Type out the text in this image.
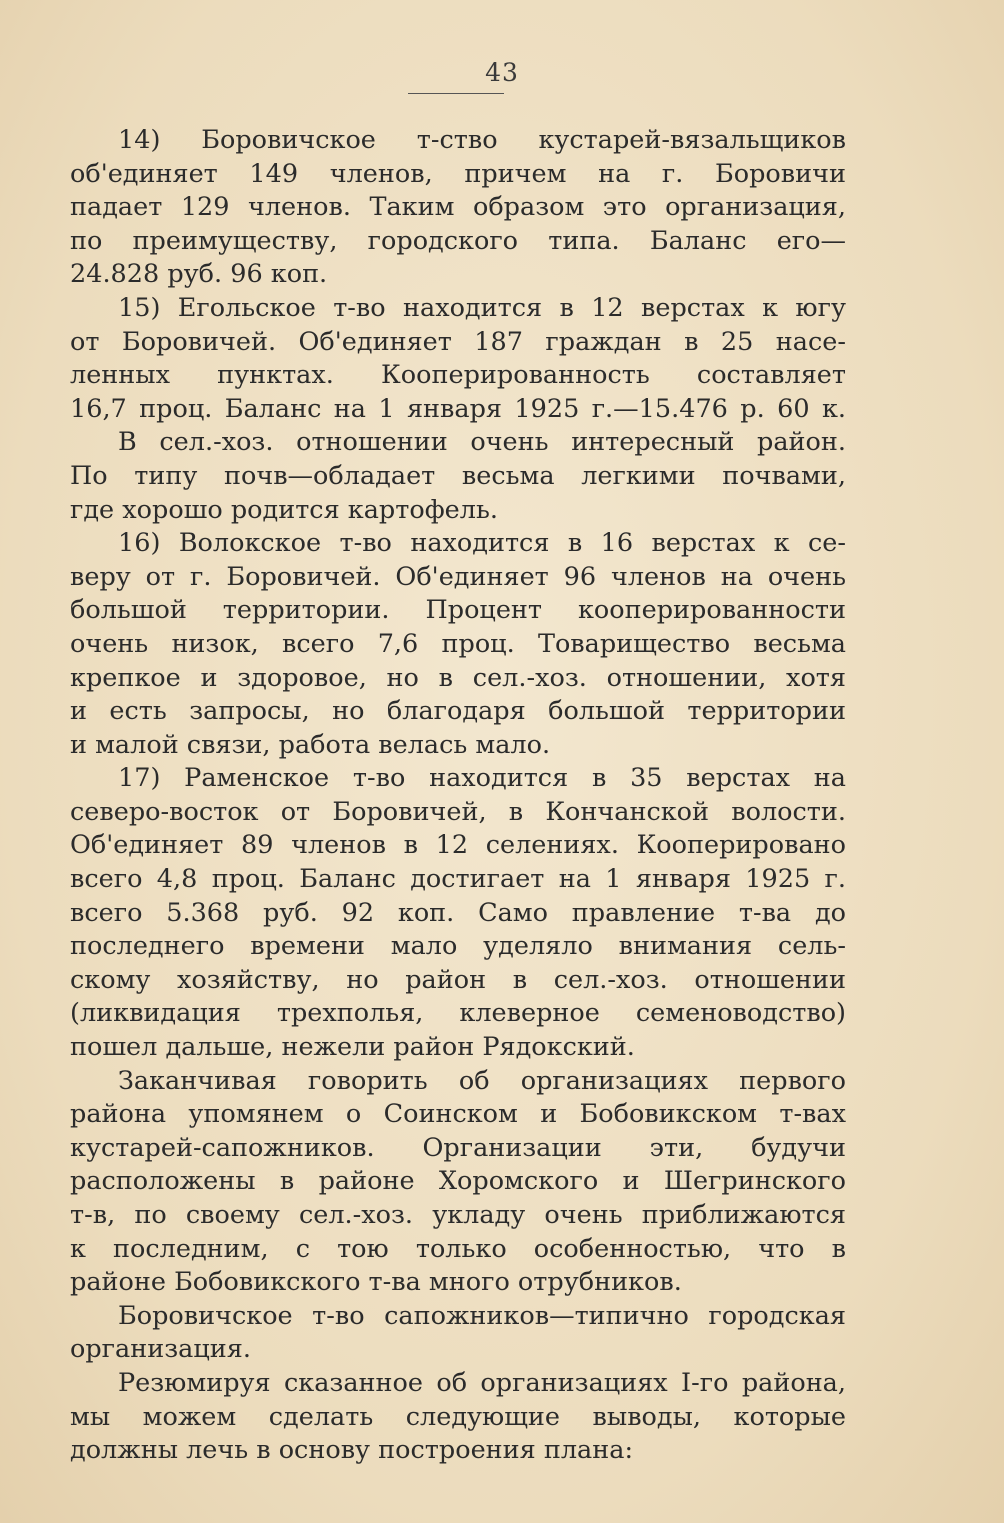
43
14) Боровичское т-ство кустарей-вязальщиков
об'единяет 149 членов, причем на г. Боровичи
падает 129 членов. Таким образом это организация,
по преимуществу, городского типа. Баланс его—
24.828 руб. 96 коп.
15) Егольское т-во находится в 12 верстах к югу
от Боровичей. Об'единяет 187 граждан в 25 насе-
ленных пунктах. Кооперированность составляет
16,7 проц. Баланс на 1 января 1925 г.—15.476 р. 60 к.
В сел.-хоз. отношении очень интересный район.
По типу почв—обладает весьма легкими почвами,
где хорошо родится картофель.
16) Волокское т-во находится в 16 верстах к се-
веру от г. Боровичей. Об'единяет 96 членов на очень
большой территории. Процент кооперированности
очень низок, всего 7,6 проц. Товарищество весьма
крепкое и здоровое, но в сел.-хоз. отношении, хотя
и есть запросы, но благодаря большой территории
и малой связи, работа велась мало.
17) Раменское т-во находится в 35 верстах на
северо-восток от Боровичей, в Кончанской волости.
Об'единяет 89 членов в 12 селениях. Кооперировано
всего 4,8 проц. Баланс достигает на 1 января 1925 г.
всего 5.368 руб. 92 коп. Само правление т-ва до
последнего времени мало уделяло внимания сель-
скому хозяйству, но район в сел.-хоз. отношении
(ликвидация трехполья, клеверное семеноводство)
пошел дальше, нежели район Рядокский.
Заканчивая говорить об организациях первого
района упомянем о Соинском и Бобовикском т-вах
кустарей-сапожников. Организации эти, будучи
расположены в районе Хоромского и Шегринского
т-в, по своему сел.-хоз. укладу очень приближаются
к последним, с тою только особенностью, что в
районе Бобовикского т-ва много отрубников.
Боровичское т-во сапожников—типично городская
организация.
Резюмируя сказанное об организациях I-го района,
мы можем сделать следующие выводы, которые
должны лечь в основу построения плана:
